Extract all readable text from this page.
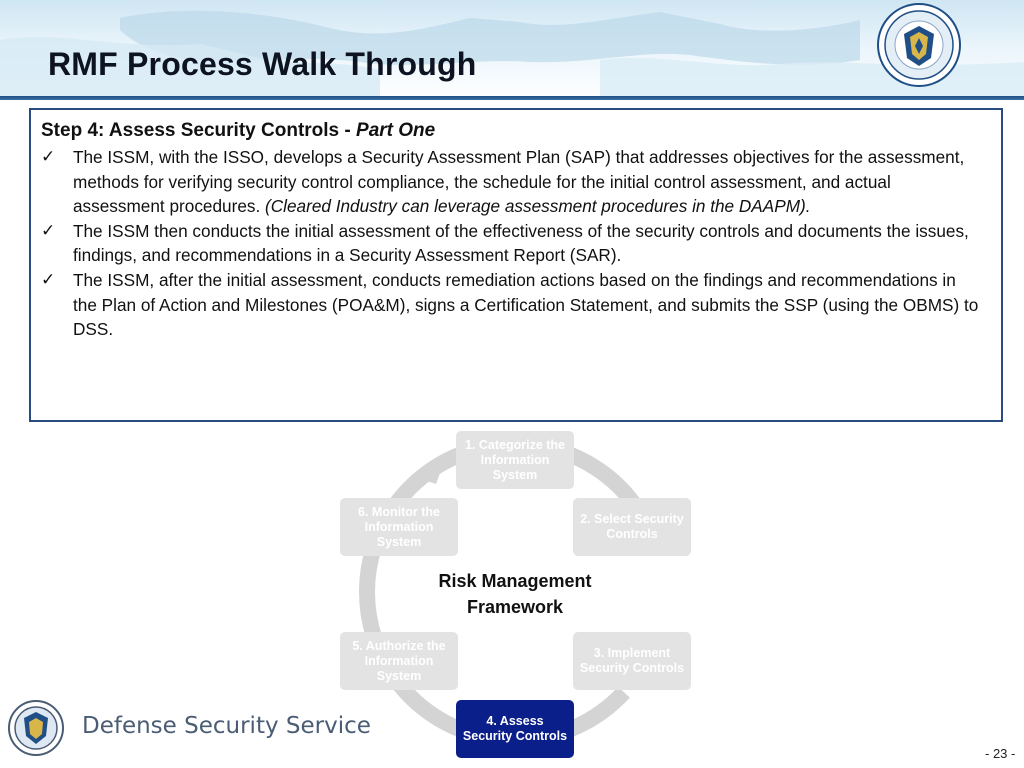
RMF Process Walk Through
Step 4: Assess Security Controls - Part One
✓	The ISSM, with the ISSO, develops a Security Assessment Plan (SAP) that addresses objectives for the assessment, methods for verifying security control compliance, the schedule for the initial control assessment, and actual assessment procedures. (Cleared Industry can leverage assessment procedures in the DAAPM).
✓	The ISSM then conducts the initial assessment of the effectiveness of the security controls and documents the issues, findings, and recommendations in a Security Assessment Report (SAR).
✓	The ISSM, after the initial assessment, conducts remediation actions based on the findings and recommendations in the Plan of Action and Milestones (POA&M), signs a Certification Statement, and submits the SSP (using the OBMS) to DSS.
1. Categorize the Information System
2. Select Security Controls
3. Implement Security Controls
4. Assess Security Controls
5. Authorize the Information System
6. Monitor the Information System
Risk Management
Framework
Defense Security Service
- 23 -
